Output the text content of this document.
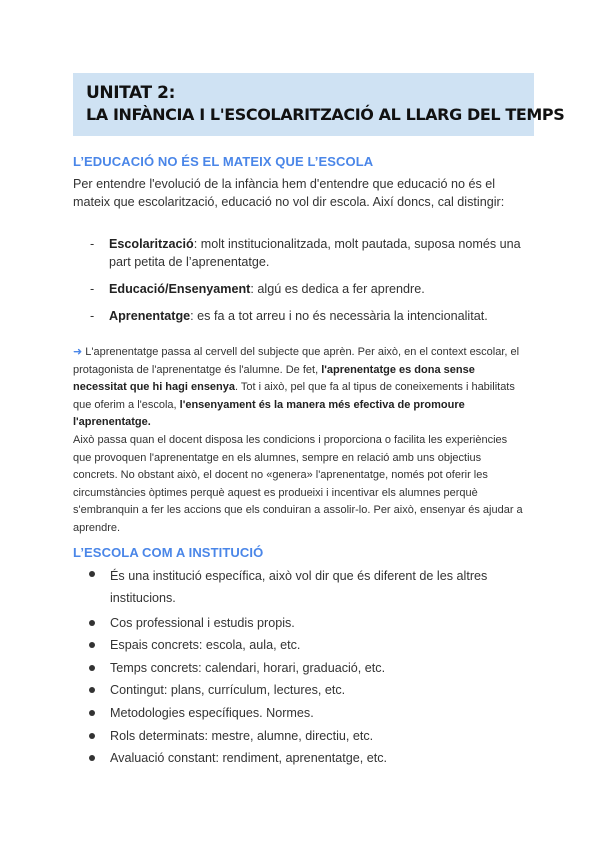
UNITAT 2:
LA INFÀNCIA I L'ESCOLARITZACIÓ AL LLARG DEL TEMPS
L’EDUCACIÓ NO ÉS EL MATEIX QUE L’ESCOLA
Per entendre l'evolució de la infància hem d'entendre que educació no és el mateix que escolarització, educació no vol dir escola. Així doncs, cal distingir:
- Escolarització: molt institucionalitzada, molt pautada, suposa només una part petita de l’aprenentatge.
- Educació/Ensenyament: algú es dedica a fer aprendre.
- Aprenentatge: es fa a tot arreu i no és necessària la intencionalitat.
➜ L'aprenentatge passa al cervell del subjecte que aprèn. Per això, en el context escolar, el protagonista de l'aprenentatge és l'alumne. De fet, l'aprenentatge es dona sense necessitat que hi hagi ensenya. Tot i això, pel que fa al tipus de coneixements i habilitats que oferim a l'escola, l'ensenyament és la manera més efectiva de promoure l'aprenentatge.
Això passa quan el docent disposa les condicions i proporciona o facilita les experiències que provoquen l'aprenentatge en els alumnes, sempre en relació amb uns objectius concrets. No obstant això, el docent no «genera» l'aprenentatge, només pot oferir les circumstàncies òptimes perquè aquest es produeixi i incentivar els alumnes perquè s'embranquin a fer les accions que els conduiran a assolir-lo. Per això, ensenyar és ajudar a aprendre.
L’ESCOLA COM A INSTITUCIÓ
És una institució específica, això vol dir que és diferent de les altres institucions.
Cos professional i estudis propis.
Espais concrets: escola, aula, etc.
Temps concrets: calendari, horari, graduació, etc.
Contingut: plans, currículum, lectures, etc.
Metodologies específiques. Normes.
Rols determinats: mestre, alumne, directiu, etc.
Avaluació constant: rendiment, aprenentatge, etc.
